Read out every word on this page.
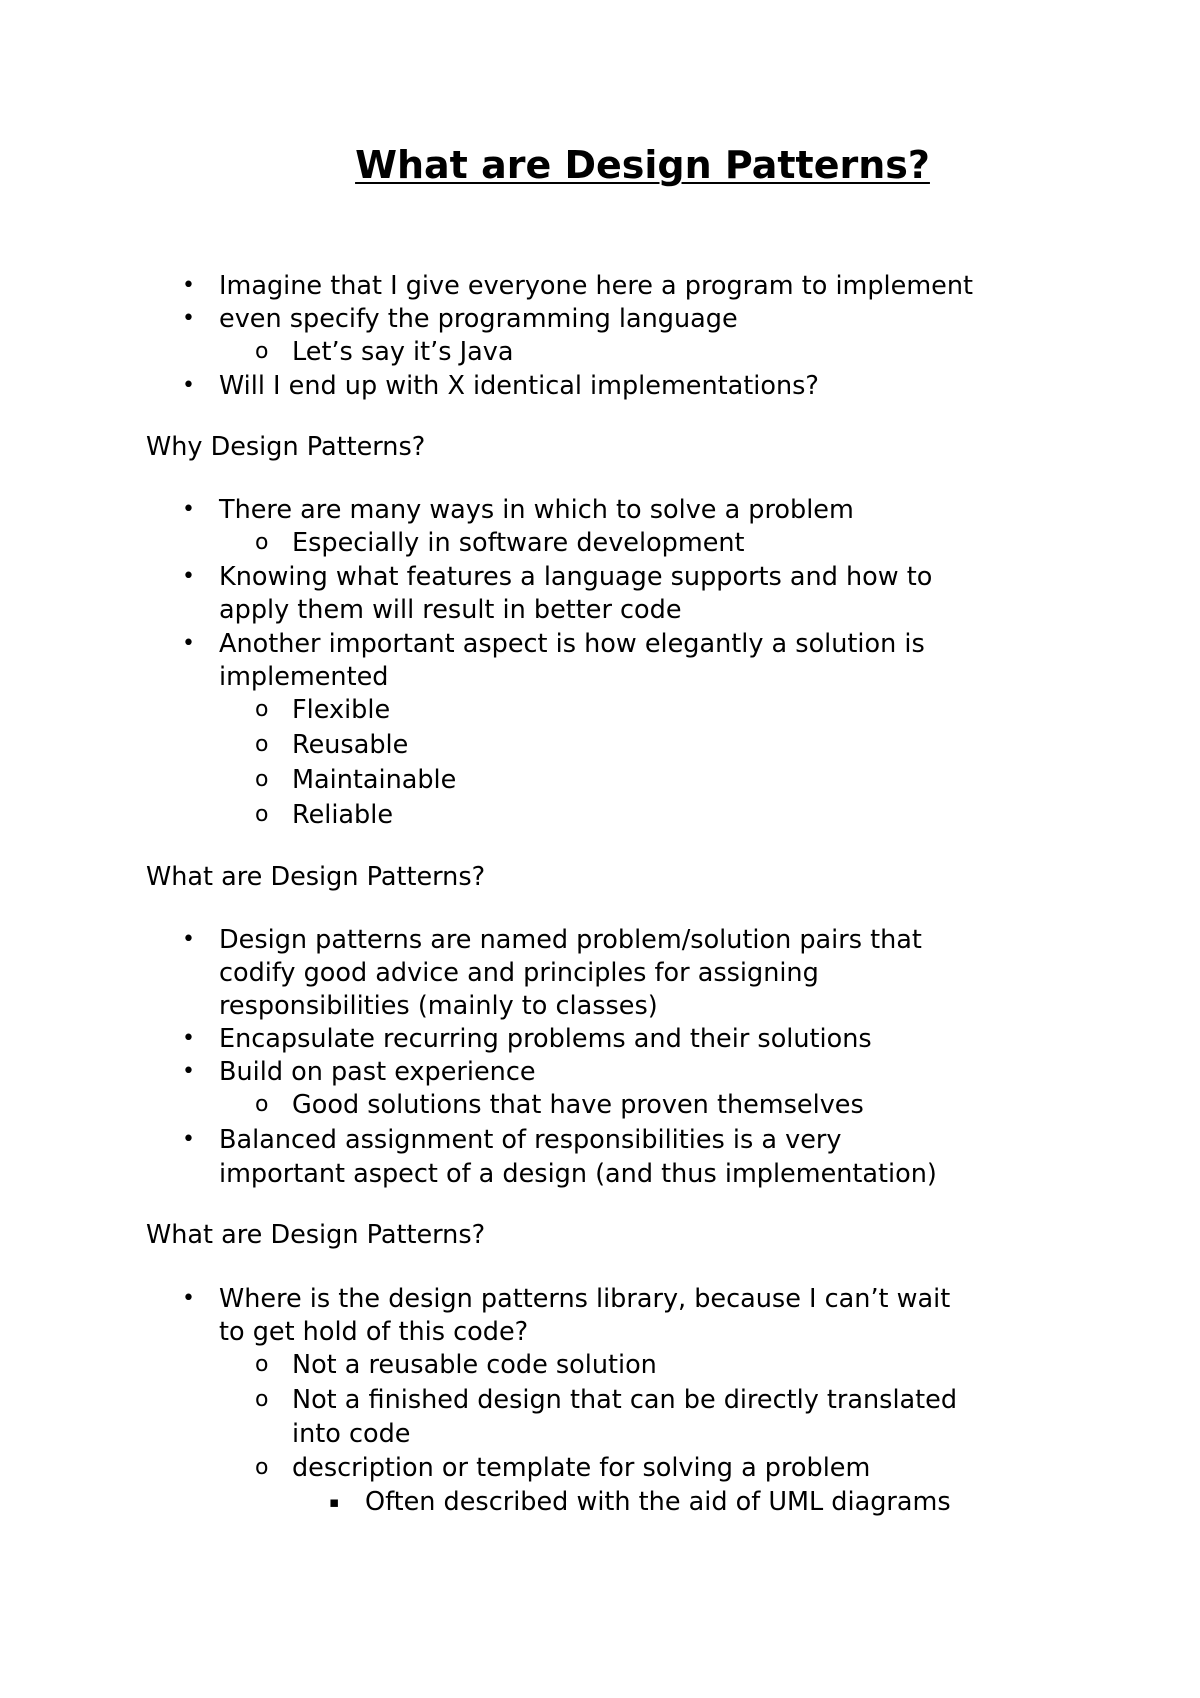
What are Design Patterns?
• Imagine that I give everyone here a program to implement
• even specify the programming language
o Let’s say it’s Java
• Will I end up with X identical implementations?
Why Design Patterns?
• There are many ways in which to solve a problem
o Especially in software development
• Knowing what features a language supports and how to
apply them will result in better code
• Another important aspect is how elegantly a solution is
implemented
o Flexible
o Reusable
o Maintainable
o Reliable
What are Design Patterns?
• Design patterns are named problem/solution pairs that
codify good advice and principles for assigning
responsibilities (mainly to classes)
• Encapsulate recurring problems and their solutions
• Build on past experience
o Good solutions that have proven themselves
• Balanced assignment of responsibilities is a very
important aspect of a design (and thus implementation)
What are Design Patterns?
• Where is the design patterns library, because I can’t wait
to get hold of this code?
o Not a reusable code solution
o Not a finished design that can be directly translated
into code
o description or template for solving a problem
▪ Often described with the aid of UML diagrams
